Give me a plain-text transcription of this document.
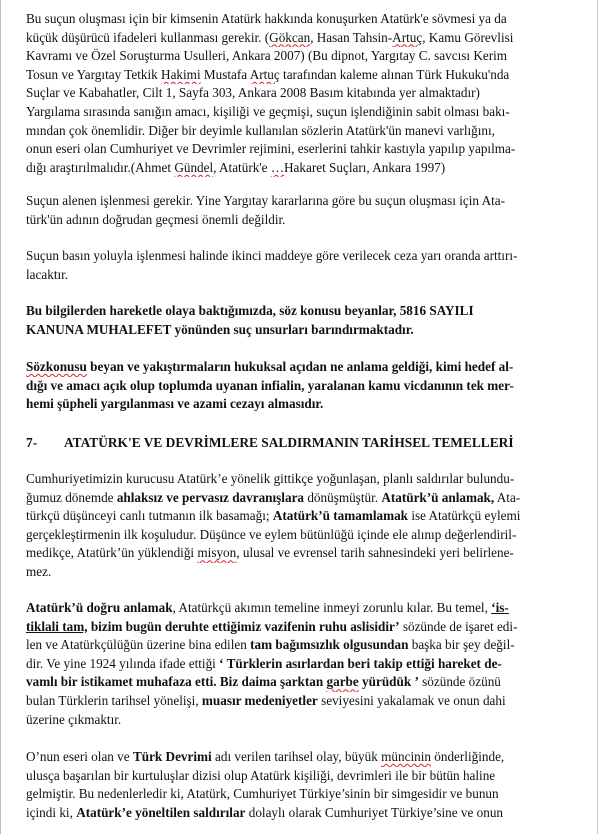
Bu suçun oluşması için bir kimsenin Atatürk hakkında konuşurken Atatürk'e sövmesi ya da
küçük düşürücü ifadeleri kullanması gerekir. (Gökcan, Hasan Tahsin-Artuç, Kamu Görevlisi
Kavramı ve Özel Soruşturma Usulleri, Ankara 2007) (Bu dipnot, Yargıtay C. savcısı Kerim
Tosun ve Yargıtay Tetkik Hakimi Mustafa Artuç tarafından kaleme alınan Türk Hukuku'nda
Suçlar ve Kabahatler, Cilt 1, Sayfa 303, Ankara 2008 Basım kitabında yer almaktadır)
Yargılama sırasında sanığın amacı, kişiliği ve geçmişi, suçun işlendiğinin sabit olması bakı-
mından çok önemlidir. Diğer bir deyimle kullanılan sözlerin Atatürk'ün manevi varlığını,
onun eseri olan Cumhuriyet ve Devrimler rejimini, eserlerini tahkir kastıyla yapılıp yapılma-
dığı araştırılmalıdır.(Ahmet Gündel, Atatürk'e …Hakaret Suçları, Ankara 1997)
Suçun alenen işlenmesi gerekir. Yine Yargıtay kararlarına göre bu suçun oluşması için Ata-
türk'ün adının doğrudan geçmesi önemli değildir.
Suçun basın yoluyla işlenmesi halinde ikinci maddeye göre verilecek ceza yarı oranda arttırı-
lacaktır.
Bu bilgilerden hareketle olaya baktığımızda, söz konusu beyanlar, 5816 SAYILI
KANUNA MUHALEFET yönünden suç unsurları barındırmaktadır.
Sözkonusu beyan ve yakıştırmaların hukuksal açıdan ne anlama geldiği, kimi hedef al-
dığı ve amacı açık olup toplumda uyanan infialin, yaralanan kamu vicdanının tek mer-
hemi şüpheli yargılanması ve azami cezayı almasıdır.
7- ATATÜRK'E VE DEVRİMLERE SALDIRMANIN TARİHSEL TEMELLERİ
Cumhuriyetimizin kurucusu Atatürk’e yönelik gittikçe yoğunlaşan, planlı saldırılar bulundu-
ğumuz dönemde ahlaksız ve pervasız davranışlara dönüşmüştür. Atatürk’ü anlamak, Ata-
türkçü düşünceyi canlı tutmanın ilk basamağı; Atatürk’ü tamamlamak ise Atatürkçü eylemi
gerçekleştirmenin ilk koşuludur. Düşünce ve eylem bütünlüğü içinde ele alınıp değerlendiril-
medikçe, Atatürk’ün yüklendiği misyon, ulusal ve evrensel tarih sahnesindeki yeri belirlene-
mez.
Atatürk’ü doğru anlamak, Atatürkçü akımın temeline inmeyi zorunlu kılar. Bu temel, ‘is-
tiklali tam, bizim bugün deruhte ettiğimiz vazifenin ruhu aslisidir’ sözünde de işaret edi-
len ve Atatürkçülüğün üzerine bina edilen tam bağımsızlık olgusundan başka bir şey değil-
dir. Ve yine 1924 yılında ifade ettiği ‘ Türklerin asırlardan beri takip ettiği hareket de-
vamlı bir istikamet muhafaza etti. Biz daima şarktan garbe yürüdük ’ sözünde özünü
bulan Türklerin tarihsel yönelişi, muasır medeniyetler seviyesini yakalamak ve onun dahi
üzerine çıkmaktır.
O’nun eseri olan ve Türk Devrimi adı verilen tarihsel olay, büyük müncinin önderliğinde,
ulusça başarılan bir kurtuluşlar dizisi olup Atatürk kişiliği, devrimleri ile bir bütün haline
gelmiştir. Bu nedenlerledir ki, Atatürk, Cumhuriyet Türkiye’sinin bir simgesidir ve bunun
içindi ki, Atatürk’e yöneltilen saldırılar dolaylı olarak Cumhuriyet Türkiye’sine ve onun
